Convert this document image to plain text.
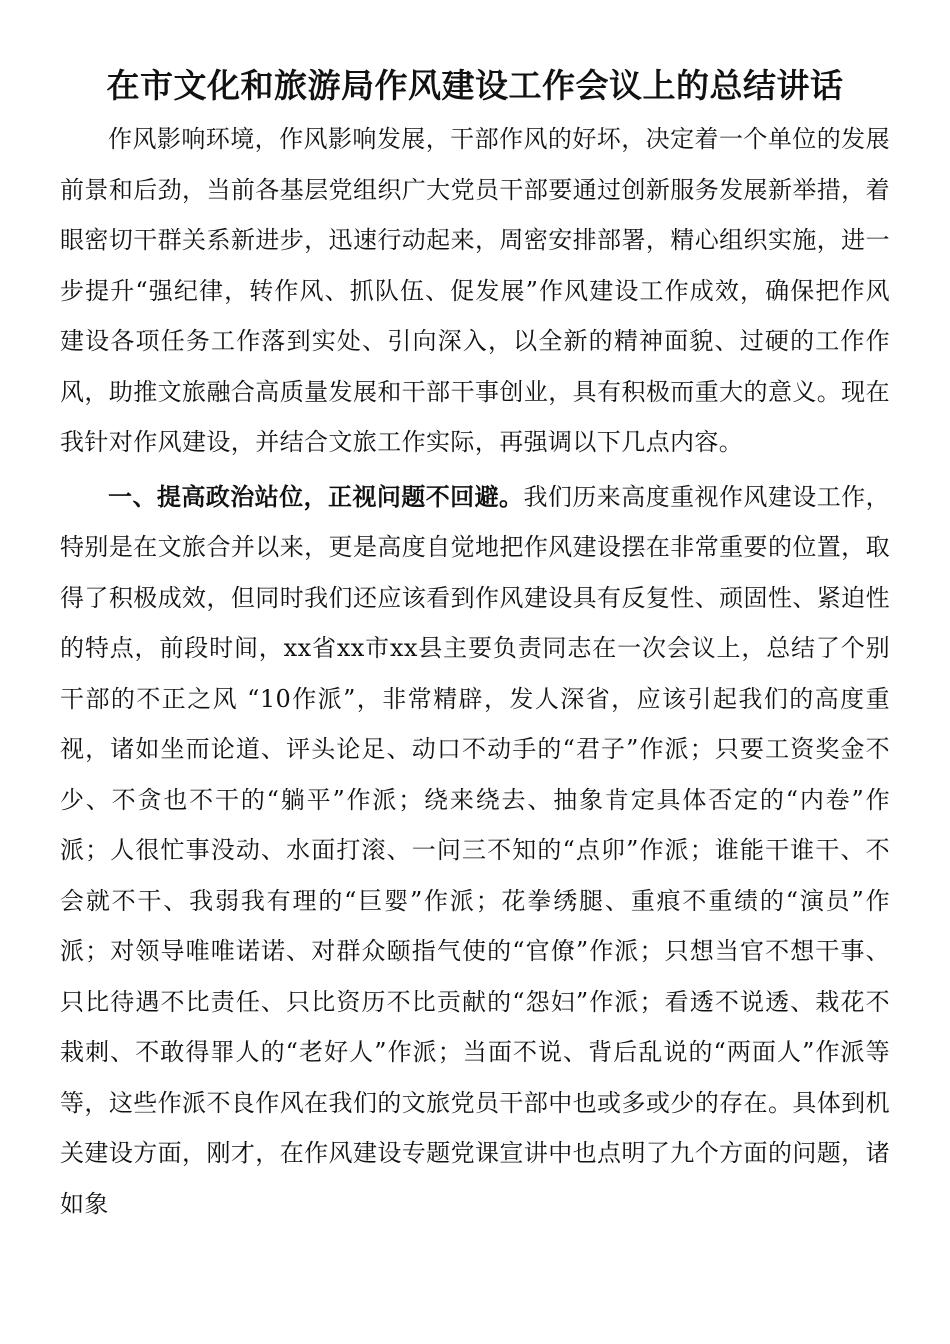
在市文化和旅游局作风建设工作会议上的总结讲话

作风影响环境，作风影响发展，干部作风的好坏，决定着一个单位的发展前景和后劲，当前各基层党组织广大党员干部要通过创新服务发展新举措，着眼密切干群关系新进步，迅速行动起来，周密安排部署，精心组织实施，进一步提升“强纪律，转作风、抓队伍、促发展”作风建设工作成效，确保把作风建设各项任务工作落到实处、引向深入，以全新的精神面貌、过硬的工作作风，助推文旅融合高质量发展和干部干事创业，具有积极而重大的意义。现在我针对作风建设，并结合文旅工作实际，再强调以下几点内容。

一、提高政治站位，正视问题不回避。我们历来高度重视作风建设工作，特别是在文旅合并以来，更是高度自觉地把作风建设摆在非常重要的位置，取得了积极成效，但同时我们还应该看到作风建设具有反复性、顽固性、紧迫性的特点，前段时间，xx省xx市xx县主要负责同志在一次会议上，总结了个别干部的不正之风 “10作派”，非常精辟，发人深省，应该引起我们的高度重视，诸如坐而论道、评头论足、动口不动手的“君子”作派；只要工资奖金不少、不贪也不干的“躺平”作派；绕来绕去、抽象肯定具体否定的“内卷”作派；人很忙事没动、水面打滚、一问三不知的“点卯”作派；谁能干谁干、不会就不干、我弱我有理的“巨婴”作派；花拳绣腿、重痕不重绩的“演员”作派；对领导唯唯诺诺、对群众颐指气使的“官僚”作派；只想当官不想干事、只比待遇不比责任、只比资历不比贡献的“怨妇”作派；看透不说透、栽花不栽刺、不敢得罪人的“老好人”作派；当面不说、背后乱说的“两面人”作派等等，这些作派不良作风在我们的文旅党员干部中也或多或少的存在。具体到机关建设方面，刚才，在作风建设专题党课宣讲中也点明了九个方面的问题，诸如象
